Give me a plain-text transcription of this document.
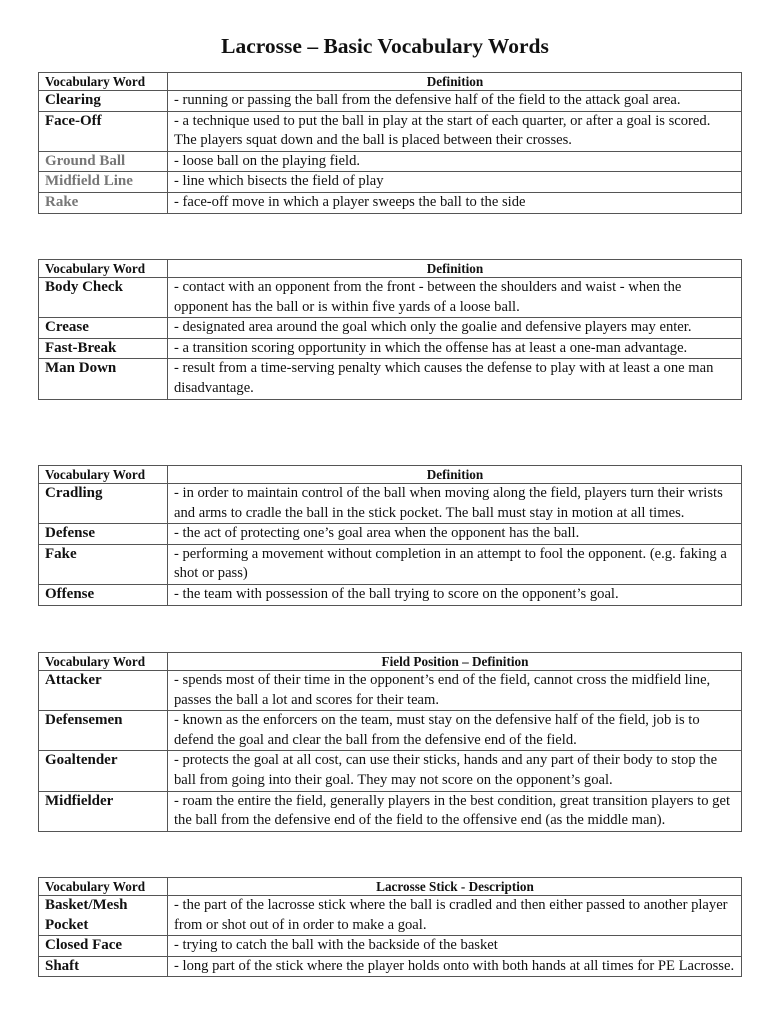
Lacrosse – Basic Vocabulary Words
Vocabulary Word	Definition
Clearing	- running or passing the ball from the defensive half of the field to the attack goal area.
Face-Off	- a technique used to put the ball in play at the start of each quarter, or after a goal is scored. The players squat down and the ball is placed between their crosses.
Ground Ball	- loose ball on the playing field.
Midfield Line	- line which bisects the field of play
Rake	- face-off move in which a player sweeps the ball to the side
Vocabulary Word	Definition
Body Check	- contact with an opponent from the front - between the shoulders and waist - when the opponent has the ball or is within five yards of a loose ball.
Crease	- designated area around the goal which only the goalie and defensive players may enter.
Fast-Break	- a transition scoring opportunity in which the offense has at least a one-man advantage.
Man Down	- result from a time-serving penalty which causes the defense to play with at least a one man disadvantage.
Vocabulary Word	Definition
Cradling	- in order to maintain control of the ball when moving along the field, players turn their wrists and arms to cradle the ball in the stick pocket. The ball must stay in motion at all times.
Defense	- the act of protecting one’s goal area when the opponent has the ball.
Fake	- performing a movement without completion in an attempt to fool the opponent. (e.g. faking a shot or pass)
Offense	- the team with possession of the ball trying to score on the opponent’s goal.
Vocabulary Word	Field Position – Definition
Attacker	- spends most of their time in the opponent’s end of the field, cannot cross the midfield line, passes the ball a lot and scores for their team.
Defensemen	- known as the enforcers on the team, must stay on the defensive half of the field, job is to defend the goal and clear the ball from the defensive end of the field.
Goaltender	- protects the goal at all cost, can use their sticks, hands and any part of their body to stop the ball from going into their goal. They may not score on the opponent’s goal.
Midfielder	- roam the entire the field, generally players in the best condition, great transition players to get the ball from the defensive end of the field to the offensive end (as the middle man).
Vocabulary Word	Lacrosse Stick - Description
Basket/Mesh Pocket	- the part of the lacrosse stick where the ball is cradled and then either passed to another player from or shot out of in order to make a goal.
Closed Face	- trying to catch the ball with the backside of the basket
Shaft	- long part of the stick where the player holds onto with both hands at all times for PE Lacrosse.
